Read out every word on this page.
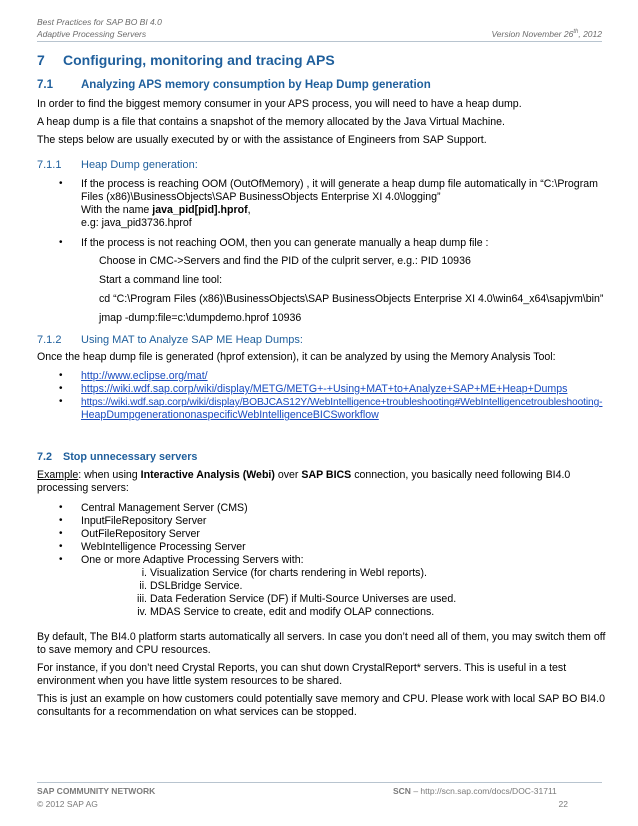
Best Practices for SAP BO BI 4.0
Adaptive Processing Servers	Version November 26th, 2012
7 Configuring, monitoring and tracing APS
7.1 Analyzing APS memory consumption by Heap Dump generation
In order to find the biggest memory consumer in your APS process, you will need to have a heap dump.
A heap dump is a file that contains a snapshot of the memory allocated by the Java Virtual Machine.
The steps below are usually executed by or with the assistance of Engineers from SAP Support.
7.1.1 Heap Dump generation:
• If the process is reaching OOM (OutOfMemory) , it will generate a heap dump file automatically in “C:\Program
Files (x86)\BusinessObjects\SAP BusinessObjects Enterprise XI 4.0\logging”
With the name java_pid[pid].hprof,
e.g: java_pid3736.hprof
• If the process is not reaching OOM, then you can generate manually a heap dump file :
Choose in CMC->Servers and find the PID of the culprit server, e.g.: PID 10936
Start a command line tool:
cd “C:\Program Files (x86)\BusinessObjects\SAP BusinessObjects Enterprise XI 4.0\win64_x64\sapjvm\bin”
jmap -dump:file=c:\dumpdemo.hprof 10936
7.1.2 Using MAT to Analyze SAP ME Heap Dumps:
Once the heap dump file is generated (hprof extension), it can be analyzed by using the Memory Analysis Tool:
• http://www.eclipse.org/mat/
• https://wiki.wdf.sap.corp/wiki/display/METG/METG+-+Using+MAT+to+Analyze+SAP+ME+Heap+Dumps
• https://wiki.wdf.sap.corp/wiki/display/BOBJCAS12Y/WebIntelligence+troubleshooting#WebIntelligencetroubleshooting-
HeapDumpgenerationonaspecificWebIntelligenceBICSworkflow
7.2 Stop unnecessary servers
Example: when using Interactive Analysis (Webi) over SAP BICS connection, you basically need following BI4.0
processing servers:
• Central Management Server (CMS)
• InputFileRepository Server
• OutFileRepository Server
• WebIntelligence Processing Server
• One or more Adaptive Processing Servers with:
i. Visualization Service (for charts rendering in WebI reports).
ii. DSLBridge Service.
iii. Data Federation Service (DF) if Multi-Source Universes are used.
iv. MDAS Service to create, edit and modify OLAP connections.
By default, The BI4.0 platform starts automatically all servers. In case you don’t need all of them, you may switch them off
to save memory and CPU resources.
For instance, if you don’t need Crystal Reports, you can shut down CrystalReport* servers. This is useful in a test
environment when you have little system resources to be shared.
This is just an example on how customers could potentially save memory and CPU. Please work with local SAP BO BI4.0
consultants for a recommendation on what services can be stopped.
SAP COMMUNITY NETWORK	SCN – http://scn.sap.com/docs/DOC-31711
© 2012 SAP AG	22
